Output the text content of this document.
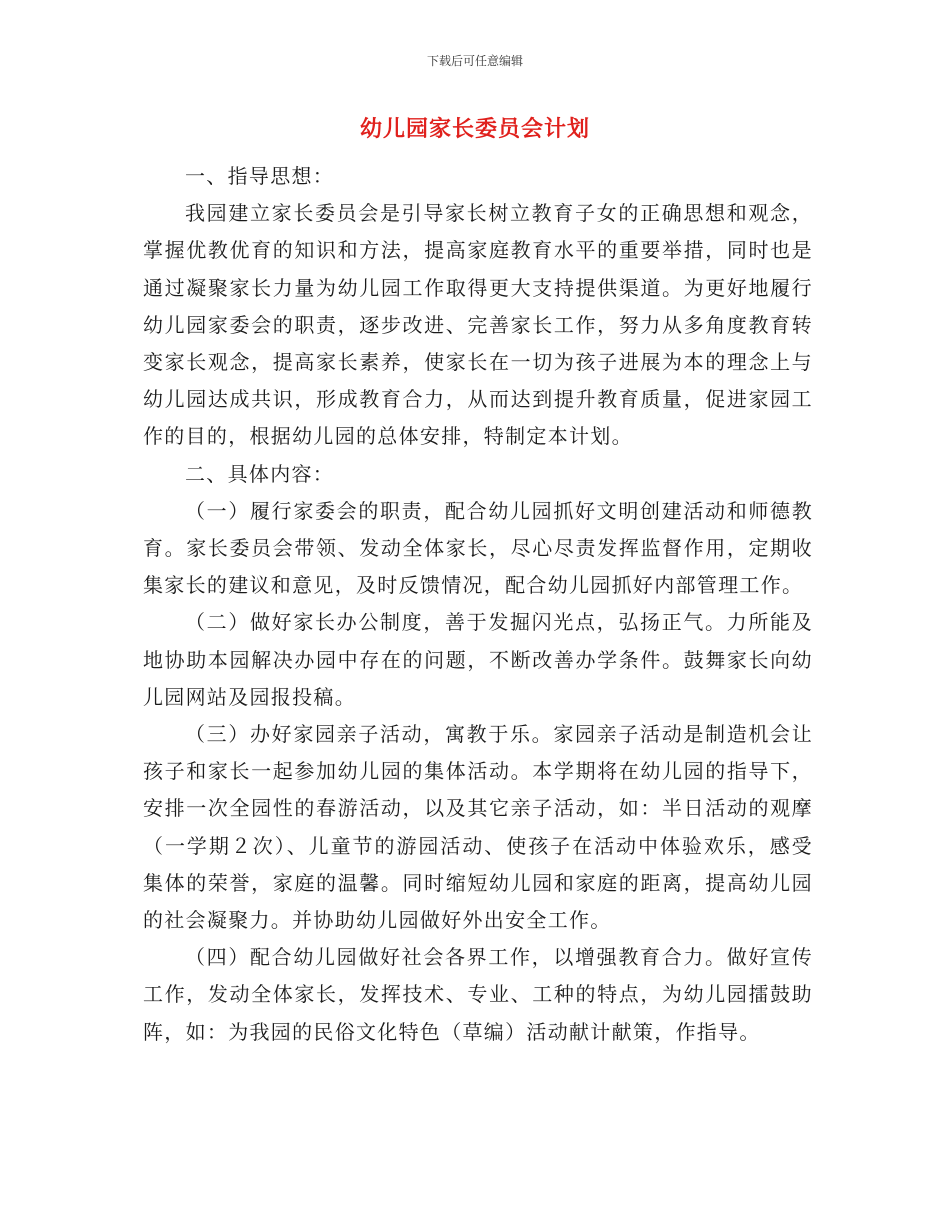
下载后可任意编辑
幼儿园家长委员会计划

一、指导思想：

我园建立家长委员会是引导家长树立教育子女的正确思想和观念，掌握优教优育的知识和方法，提高家庭教育水平的重要举措，同时也是通过凝聚家长力量为幼儿园工作取得更大支持提供渠道。为更好地履行幼儿园家委会的职责，逐步改进、完善家长工作，努力从多角度教育转变家长观念，提高家长素养，使家长在一切为孩子进展为本的理念上与幼儿园达成共识，形成教育合力，从而达到提升教育质量，促进家园工作的目的，根据幼儿园的总体安排，特制定本计划。

二、具体内容：

（一）履行家委会的职责，配合幼儿园抓好文明创建活动和师德教育。家长委员会带领、发动全体家长，尽心尽责发挥监督作用，定期收集家长的建议和意见，及时反馈情况，配合幼儿园抓好内部管理工作。

（二）做好家长办公制度，善于发掘闪光点，弘扬正气。力所能及地协助本园解决办园中存在的问题，不断改善办学条件。鼓舞家长向幼儿园网站及园报投稿。

（三）办好家园亲子活动，寓教于乐。家园亲子活动是制造机会让孩子和家长一起参加幼儿园的集体活动。本学期将在幼儿园的指导下，安排一次全园性的春游活动，以及其它亲子活动，如：半日活动的观摩（一学期２次）、儿童节的游园活动、使孩子在活动中体验欢乐，感受集体的荣誉，家庭的温馨。同时缩短幼儿园和家庭的距离，提高幼儿园的社会凝聚力。并协助幼儿园做好外出安全工作。

（四）配合幼儿园做好社会各界工作，以增强教育合力。做好宣传工作，发动全体家长，发挥技术、专业、工种的特点，为幼儿园擂鼓助阵，如：为我园的民俗文化特色（草编）活动献计献策，作指导。
